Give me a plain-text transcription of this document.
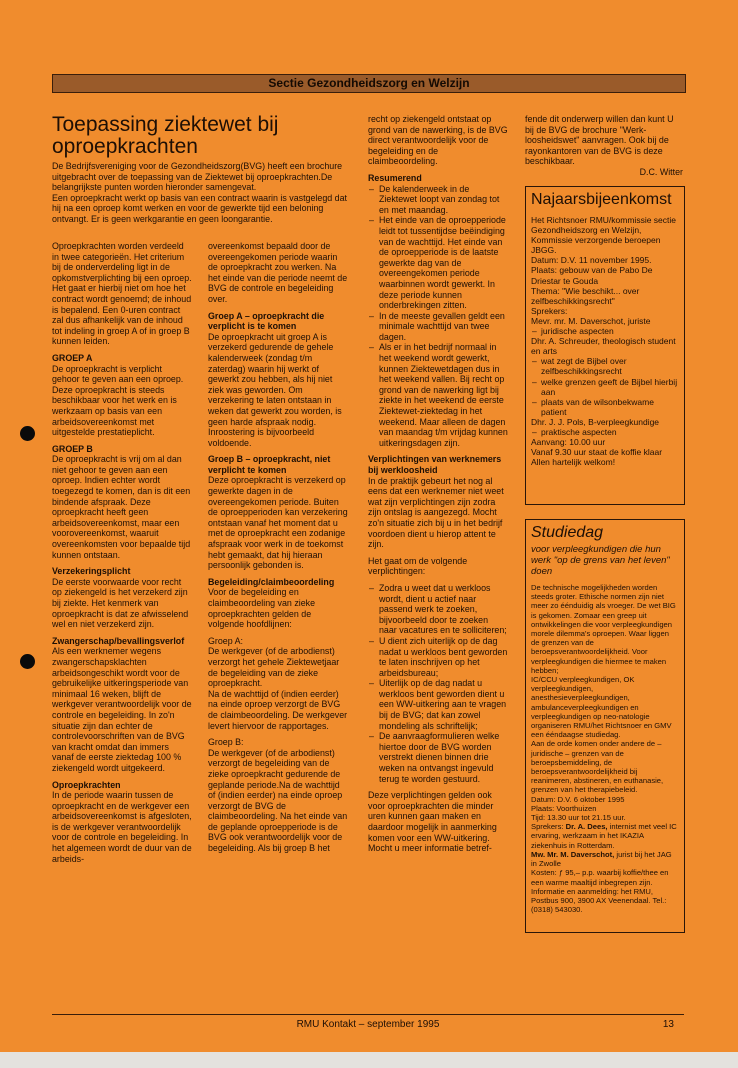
Sectie Gezondheidszorg en Welzijn
Toepassing ziektewet bij oproepkrachten

De Bedrijfsvereniging voor de Gezondheidszorg(BVG) heeft een brochure uitgebracht over de toepassing van de Ziektewet bij oproepkrachten.De belangrijkste punten worden hieronder samengevat.

Een oproepkracht werkt op basis van een contract waarin is vastgelegd dat hij na een oproep komt werken en voor de gewerkte tijd een beloning ontvangt. Er is geen werkgarantie en geen loongarantie.

Oproepkrachten worden verdeeld in twee categorieën. Het criterium bij de onderverdeling ligt in de opkomstverplichting bij een oproep. Het gaat er hierbij niet om hoe het contract wordt genoemd; de inhoud is bepalend. Een 0-uren contract zal dus afhankelijk van de inhoud tot indeling in groep A of in groep B kunnen leiden.

GROEP A

De oproepkracht is verplicht gehoor te geven aan een oproep. Deze oproepkracht is steeds beschikbaar voor het werk en is werkzaam op basis van een arbeidsovereenkomst met uitgestelde prestatieplicht.

GROEP B

De oproepkracht is vrij om al dan niet gehoor te geven aan een oproep. Indien echter wordt toegezegd te komen, dan is dit een bindende afspraak. Deze oproepkracht heeft geen arbeidsovereenkomst, maar een voorovereenkomst, waaruit overeenkomsten voor bepaalde tijd kunnen ontstaan.

Verzekeringsplicht

De eerste voorwaarde voor recht op ziekengeld is het verzekerd zijn bij ziekte. Het kenmerk van oproepkracht is dat ze afwisselend wel en niet verzekerd zijn.

Zwangerschap/bevallingsverlof

Als een werknemer wegens zwangerschapsklachten arbeidsongeschikt wordt voor de gebruikelijke uitkeringsperiode van minimaal 16 weken, blijft de werkgever verantwoordelijk voor de controle en begeleiding. In zo'n situatie zijn dan echter de controlevoorschriften van de BVG van kracht omdat dan immers vanaf de eerste ziektedag 100 % ziekengeld wordt uitgekeerd.

Oproepkrachten

In de periode waarin tussen de oproepkracht en de werkgever een arbeidsovereenkomst is afgesloten, is de werkgever verantwoordelijk voor de controle en begeleiding. In het algemeen wordt de duur van de arbeids-

overeenkomst bepaald door de overeengekomen periode waarin de oproepkracht zou werken. Na het einde van die periode neemt de BVG de controle en begeleiding over.

Groep A – oproepkracht die verplicht is te komen

De oproepkracht uit groep A is verzekerd gedurende de gehele kalenderweek (zondag t/m zaterdag) waarin hij werkt of gewerkt zou hebben, als hij niet ziek was geworden. Om verzekering te laten ontstaan in weken dat gewerkt zou worden, is geen harde afspraak nodig. Inroostering is bijvoorbeeld voldoende.

Groep B – oproepkracht, niet verplicht te komen

Deze oproepkracht is verzekerd op gewerkte dagen in de overeengekomen periode. Buiten de oproepperioden kan verzekering ontstaan vanaf het moment dat u met de oproepkracht een zodanige afspraak voor werk in de toekomst hebt gemaakt, dat hij hieraan persoonlijk gebonden is.

Begeleiding/claimbeoordeling

Voor de begeleiding en claimbeoordeling van zieke oproepkrachten gelden de volgende hoofdlijnen:

Groep A:

De werkgever (of de arbodienst) verzorgt het gehele Ziektewetjaar de begeleiding van de zieke oproepkracht.

Na de wachttijd of (indien eerder) na einde oproep verzorgt de BVG de claimbeoordeling. De werkgever levert hiervoor de rapportages.

Groep B:

De werkgever (of de arbodienst) verzorgt de begeleiding van de zieke oproepkracht gedurende de geplande periode.Na de wachttijd of (indien eerder) na einde oproep verzorgt de BVG de claimbeoordeling. Na het einde van de geplande oproepperiode is de BVG ook verantwoordelijk voor de begeleiding. Als bij groep B het

recht op ziekengeld ontstaat op grond van de nawerking, is de BVG direct verantwoordelijk voor de begeleiding en de claimbeoordeling.

Resumerend

– De kalenderweek in de Ziektewet loopt van zondag tot en met maandag.
– Het einde van de oproepperiode leidt tot tussentijdse beëindiging van de wachttijd. Het einde van de oproepperiode is de laatste gewerkte dag van de overeengekomen periode waarbinnen wordt gewerkt. In deze periode kunnen onderbrekingen zitten.
– In de meeste gevallen geldt een minimale wachttijd van twee dagen.
– Als er in het bedrijf normaal in het weekend wordt gewerkt, kunnen Ziektewetdagen dus in het weekend vallen. Bij recht op grond van de nawerking ligt bij ziekte in het weekend de eerste Ziektewet-ziektedag in het weekend. Maar alleen de dagen van maandag t/m vrijdag kunnen uitkeringsdagen zijn.

Verplichtingen van werknemers bij werkloosheid

In de praktijk gebeurt het nog al eens dat een werknemer niet weet wat zijn verplichtingen zijn zodra zijn ontslag is aangezegd. Mocht zo'n situatie zich bij u in het bedrijf voordoen dient u hierop attent te zijn.

Het gaat om de volgende verplichtingen:

– Zodra u weet dat u werkloos wordt, dient u actief naar passend werk te zoeken, bijvoorbeeld door te zoeken naar vacatures en te solliciteren;
– U dient zich uiterlijk op de dag nadat u werkloos bent geworden te laten inschrijven op het arbeidsbureau;
– Uiterlijk op de dag nadat u werkloos bent geworden dient u een WW-uitkering aan te vragen bij de BVG; dat kan zowel mondeling als schriftelijk;
– De aanvraagformulieren welke hiertoe door de BVG worden verstrekt dienen binnen drie weken na ontvangst ingevuld terug te worden gestuurd.

Deze verplichtingen gelden ook voor oproepkrachten die minder uren kunnen gaan maken en daardoor mogelijk in aanmerking komen voor een WW-uitkering. Mocht u meer informatie betref-

fende dit onderwerp willen dan kunt U bij de BVG de brochure "Werk- loosheidswet" aanvragen. Ook bij de rayonkantoren van de BVG is deze beschikbaar.

D.C. Witter

Najaarsbijeenkomst

Het Richtsnoer RMU/kommissie sectie Gezondheidszorg en Welzijn, Kommissie verzorgende beroepen JBGG.

Datum: D.V. 11 november 1995.

Plaats: gebouw van de Pabo De Driestar te Gouda

Thema: "Wie beschikt... over zelfbeschikkingsrecht"

Sprekers:

Mevr. mr. M. Daverschot, juriste

– juridische aspecten

Dhr. A. Schreuder, theologisch student en arts

– wat zegt de Bijbel over zelfbeschikkingsrecht
– welke grenzen geeft de Bijbel hierbij aan
– plaats van de wilsonbekwame patient

Dhr. J. J. Pols, B-verpleegkundige

– praktische aspecten

Aanvang: 10.00 uur

Vanaf 9.30 uur staat de koffie klaar

Allen hartelijk welkom!

Studiedag

voor verpleegkundigen die hun werk "op de grens van het leven" doen

De technische mogelijkheden worden steeds groter. Ethische normen zijn niet meer zo éénduidig als vroeger. De wet BIG is gekomen. Zomaar een greep uit ontwikkelingen die voor verpleegkundigen morele dilemma's oproepen. Waar liggen de grenzen van de beroepsverantwoordelijkheid. Voor verpleegkundigen die hiermee te maken hebben;

IC/CCU verpleegkundigen, OK verpleegkundigen, anesthesieverpleegkundigen, ambulanceverpleegkundigen en verpleegkundigen op neo-natologie organiseren RMU/het Richtsnoer en GMV een ééndaagse studiedag.

Aan de orde komen onder andere de – juridische – grenzen van de beroepsbemiddeling, de beroepsverantwoordelijkheid bij reanimeren, abstineren, en euthanasie, grenzen van het therapiebeleid.

Datum: D.V. 6 oktober 1995

Plaats: Voorthuizen

Tijd: 13.30 uur tot 21.15 uur.

Sprekers: Dr. A. Dees, internist met veel IC ervaring, werkzaam in het IKAZIA ziekenhuis in Rotterdam.

Mw. Mr. M. Daverschot, jurist bij het JAG in Zwolle

Kosten: ƒ 95,– p.p. waarbij koffie/thee en een warme maaltijd inbegrepen zijn.

Informatie en aanmelding: het RMU, Postbus 900, 3900 AX Veenendaal. Tel.: (0318) 543030.

RMU Kontakt – september 1995	13
